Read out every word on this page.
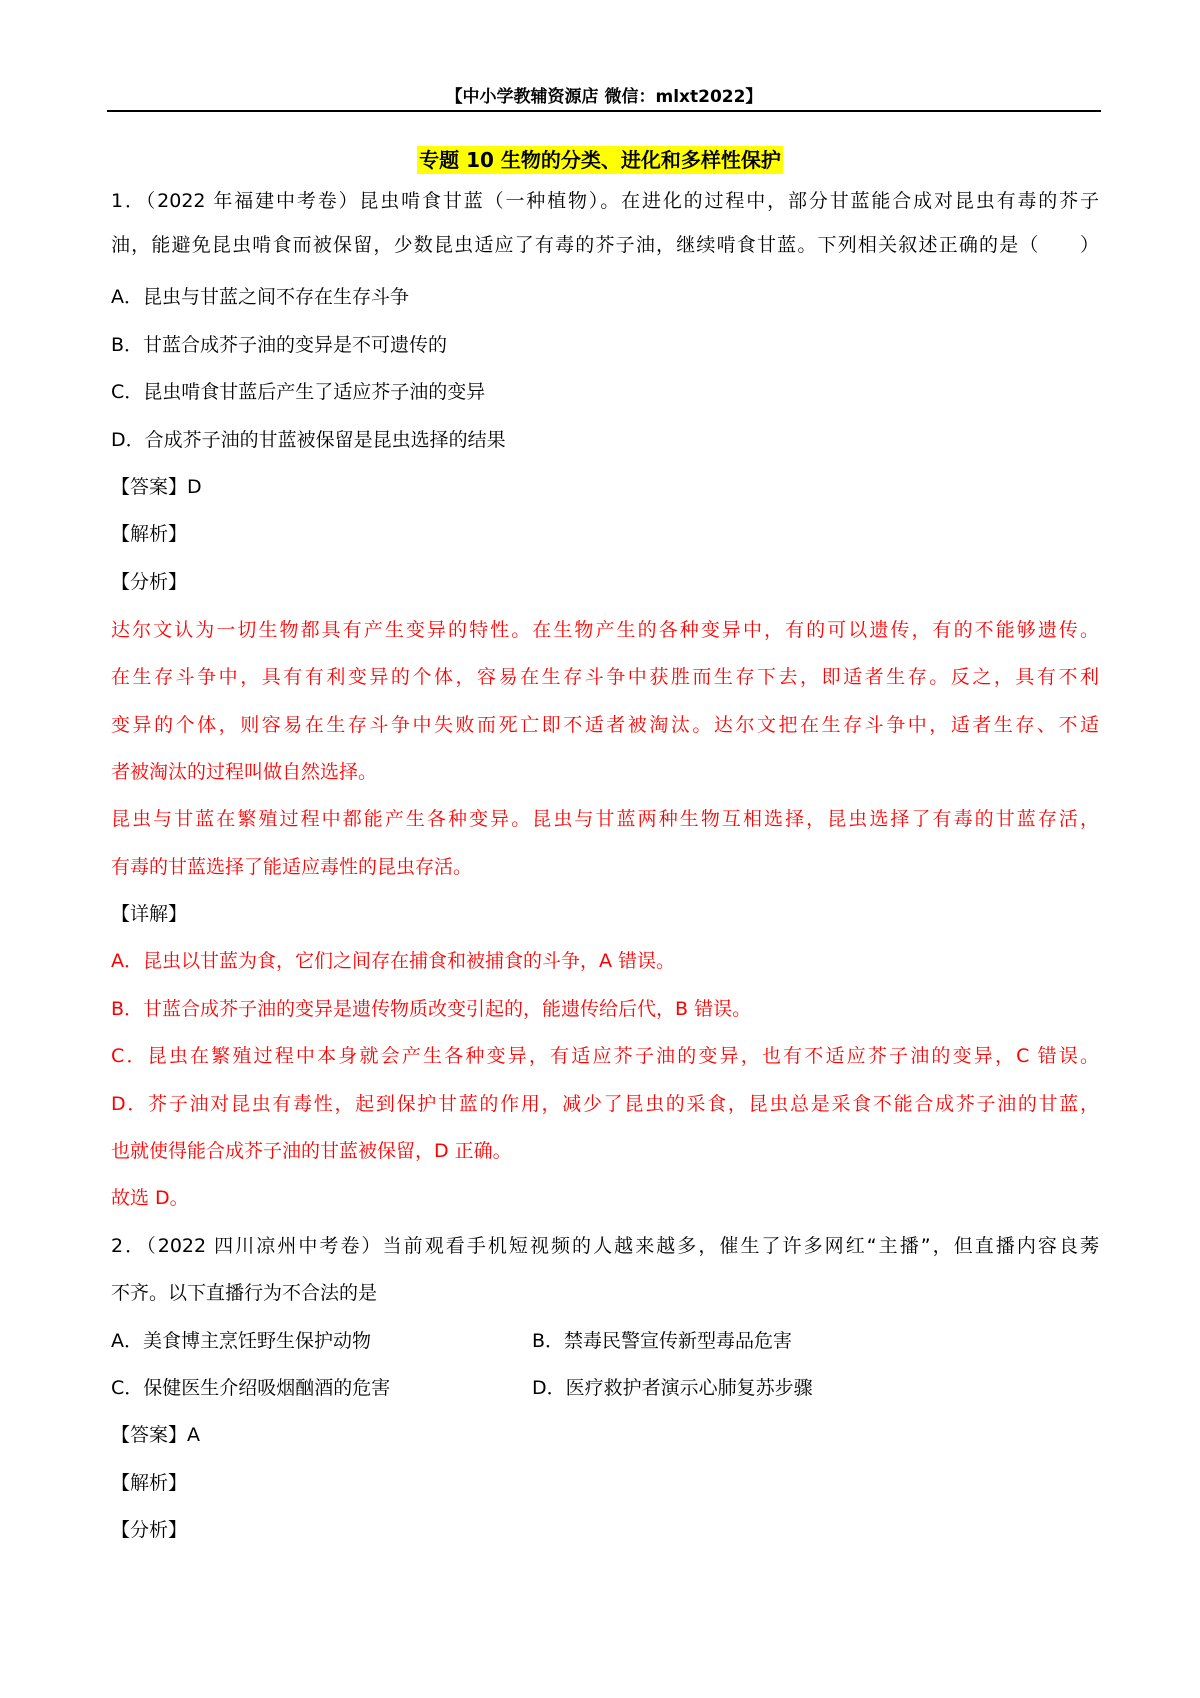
【中小学教辅资源店 微信：mlxt2022】
专题 10 生物的分类、进化和多样性保护
1．（2022 年福建中考卷）昆虫啃食甘蓝（一种植物）。在进化的过程中，部分甘蓝能合成对昆虫有毒的芥子
油，能避免昆虫啃食而被保留，少数昆虫适应了有毒的芥子油，继续啃食甘蓝。下列相关叙述正确的是（　　）
A．昆虫与甘蓝之间不存在生存斗争
B．甘蓝合成芥子油的变异是不可遗传的
C．昆虫啃食甘蓝后产生了适应芥子油的变异
D．合成芥子油的甘蓝被保留是昆虫选择的结果
【答案】D
【解析】
【分析】
达尔文认为一切生物都具有产生变异的特性。在生物产生的各种变异中，有的可以遗传，有的不能够遗传。
在生存斗争中，具有有利变异的个体，容易在生存斗争中获胜而生存下去，即适者生存。反之，具有不利
变异的个体，则容易在生存斗争中失败而死亡即不适者被淘汰。达尔文把在生存斗争中，适者生存、不适
者被淘汰的过程叫做自然选择。
昆虫与甘蓝在繁殖过程中都能产生各种变异。昆虫与甘蓝两种生物互相选择，昆虫选择了有毒的甘蓝存活，
有毒的甘蓝选择了能适应毒性的昆虫存活。
【详解】
A．昆虫以甘蓝为食，它们之间存在捕食和被捕食的斗争，A 错误。
B．甘蓝合成芥子油的变异是遗传物质改变引起的，能遗传给后代，B 错误。
C．昆虫在繁殖过程中本身就会产生各种变异，有适应芥子油的变异，也有不适应芥子油的变异，C 错误。
D．芥子油对昆虫有毒性，起到保护甘蓝的作用，减少了昆虫的采食，昆虫总是采食不能合成芥子油的甘蓝，
也就使得能合成芥子油的甘蓝被保留，D 正确。
故选 D。
2．（2022 四川凉州中考卷）当前观看手机短视频的人越来越多，催生了许多网红“主播”，但直播内容良莠
不齐。以下直播行为不合法的是
A．美食博主烹饪野生保护动物	B．禁毒民警宣传新型毒品危害
C．保健医生介绍吸烟酗酒的危害	D．医疗救护者演示心肺复苏步骤
【答案】A
【解析】
【分析】
